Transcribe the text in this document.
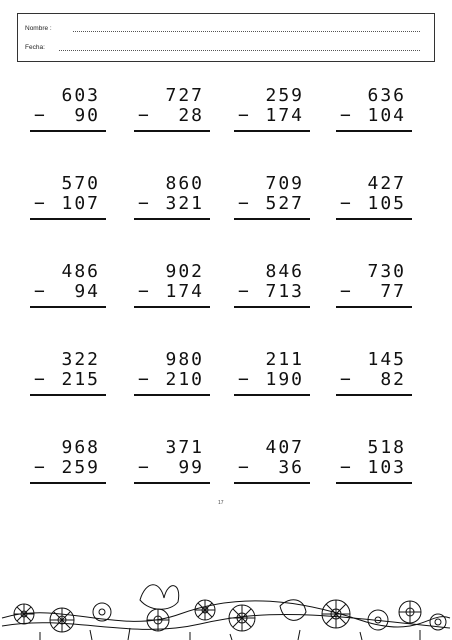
Nombre :
Fecha:
603
− 90
727
− 28
259
− 174
636
− 104
570
− 107
860
− 321
709
− 527
427
− 105
486
− 94
902
− 174
846
− 713
730
− 77
322
− 215
980
− 210
211
− 190
145
− 82
968
− 259
371
− 99
407
− 36
518
− 103
17
